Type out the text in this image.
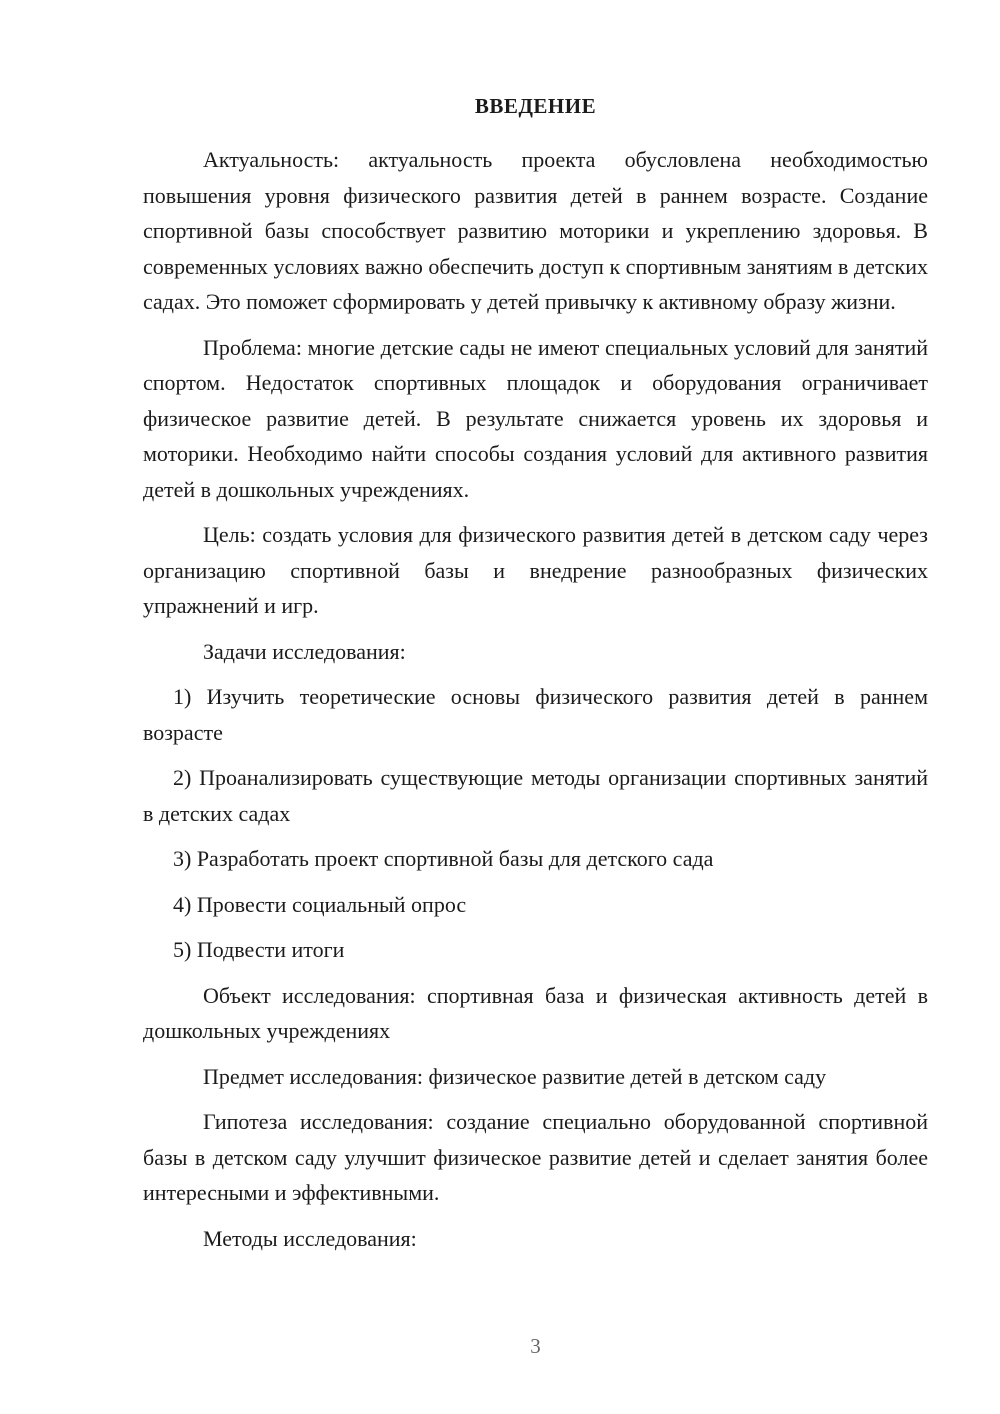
ВВЕДЕНИЕ

Актуальность: актуальность проекта обусловлена необходимостью повышения уровня физического развития детей в раннем возрасте. Создание спортивной базы способствует развитию моторики и укреплению здоровья. В современных условиях важно обеспечить доступ к спортивным занятиям в детских садах. Это поможет сформировать у детей привычку к активному образу жизни.

Проблема: многие детские сады не имеют специальных условий для занятий спортом. Недостаток спортивных площадок и оборудования ограничивает физическое развитие детей. В результате снижается уровень их здоровья и моторики. Необходимо найти способы создания условий для активного развития детей в дошкольных учреждениях.

Цель: создать условия для физического развития детей в детском саду через организацию спортивной базы и внедрение разнообразных физических упражнений и игр.

Задачи исследования:

1) Изучить теоретические основы физического развития детей в раннем возрасте

2) Проанализировать существующие методы организации спортивных занятий в детских садах

3) Разработать проект спортивной базы для детского сада

4) Провести социальный опрос

5) Подвести итоги

Объект исследования: спортивная база и физическая активность детей в дошкольных учреждениях

Предмет исследования: физическое развитие детей в детском саду

Гипотеза исследования: создание специально оборудованной спортивной базы в детском саду улучшит физическое развитие детей и сделает занятия более интересными и эффективными.

Методы исследования:

3
